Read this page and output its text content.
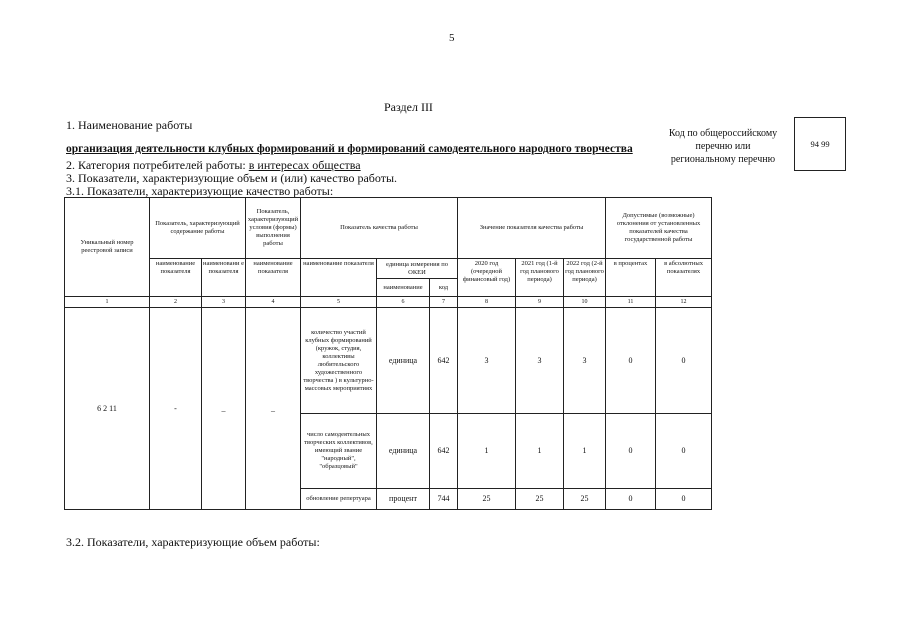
5
Раздел III
1. Наименование работы
организация деятельности клубных формирований и формирований самодеятельного народного творчества
2. Категория потребителей работы: в интересах общества
3. Показатели, характеризующие объем и (или) качество работы.
3.1. Показатели, характеризующие качество работы:
Код по общероссийскому перечню или региональному перечню
94 99
Уникальный номер реестровой записи	Показатель, характеризующий содержание работы		Показатель, характеризующий условия (формы) выполнения работы	Показатель качества работы			Значение показателя качества работы			Допустимые (возможные) отклонения от установленных показателей качества государственной работы	
	наименование показателя	наименовани е показателя	наименование показателя	наименование показателя	единица измерения по ОКЕИ		2020 год (очередной финансовый год)	2021 год (1-й год планового периода)	2022 год (2-й год планового периода)	в процентах	в абсолютных показателях
					наименование	код					
1	2	3	4	5	6	7	8	9	10	11	12
6 2 11	-	_	_	количество участий клубных формирований (кружок, студия, коллективы любительского художественного творчества ) в культурно-массовых мероприятиях	единица	642	3	3	3	0	0
				число самодеятельных творческих коллективов, имеющий звание "народный", "образцовый"	единица	642	1	1	1	0	0
				обновление репертуара	процент	744	25	25	25	0	0
3.2. Показатели, характеризующие объем работы:
